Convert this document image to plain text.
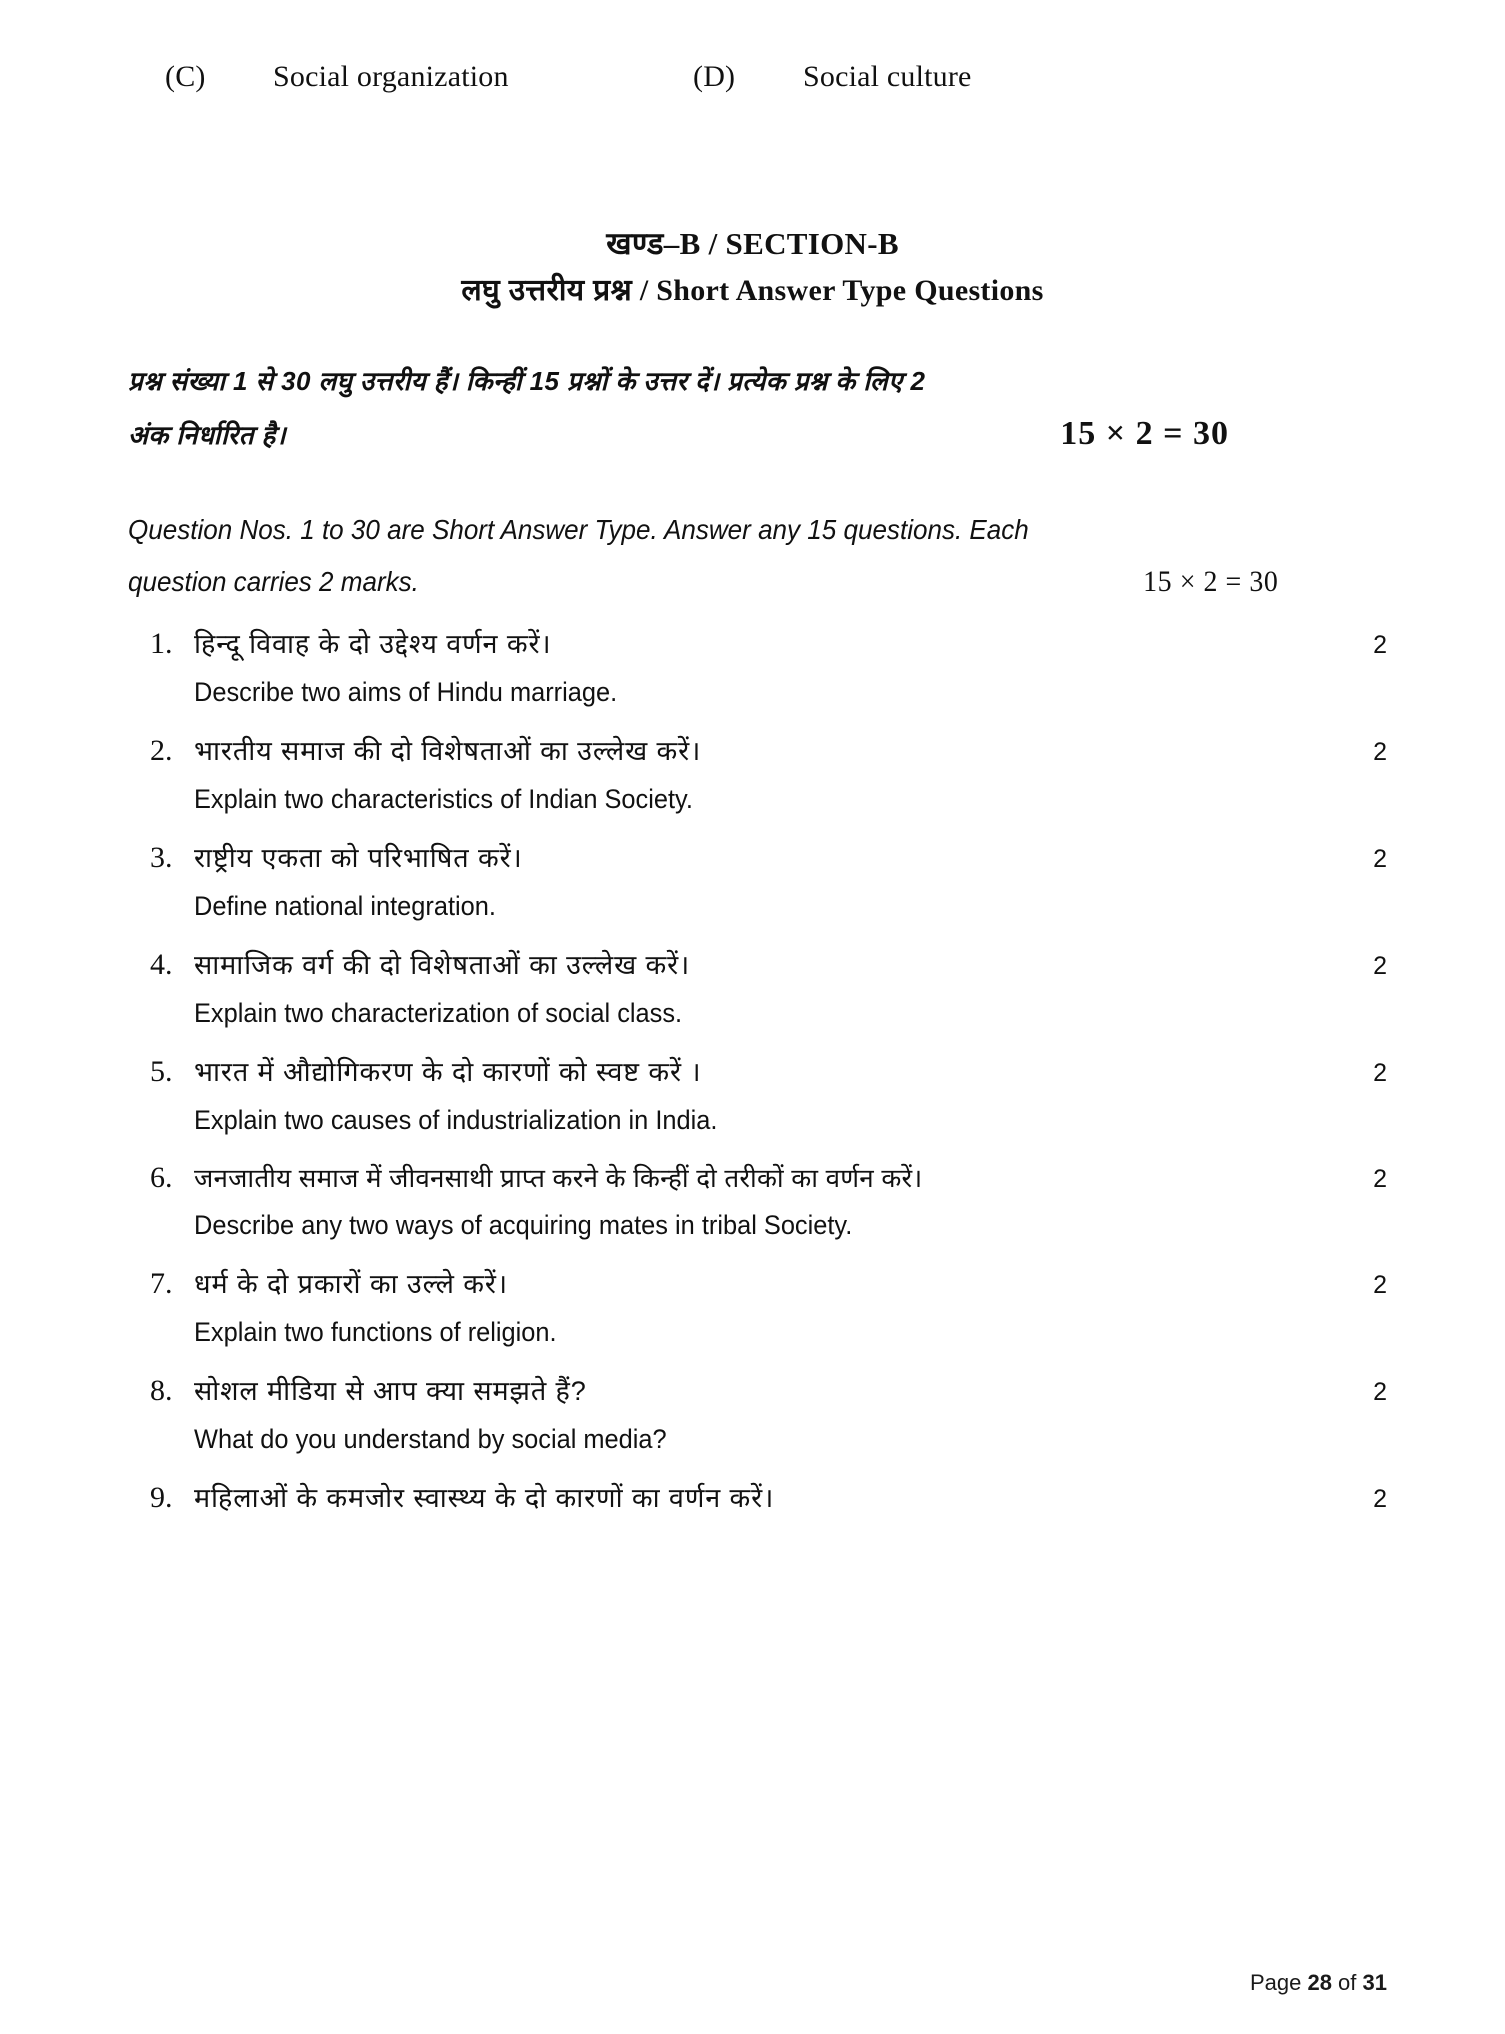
(C)	Social organization	(D)	Social culture
खण्ड–B / SECTION-B
लघु उत्तरीय प्रश्न / Short Answer Type Questions
प्रश्न संख्या 1 से 30 लघु उत्तरीय हैं। किन्हीं 15 प्रश्नों के उत्तर दें। प्रत्येक प्रश्न के लिए 2
अंक निर्धारित है।	15 × 2 = 30
Question Nos. 1 to 30 are Short Answer Type. Answer any 15 questions. Each
question carries 2 marks.	15 × 2 = 30
1. हिन्दू विवाह के दो उद्देश्य वर्णन करें।	2
Describe two aims of Hindu marriage.
2. भारतीय समाज की दो विशेषताओं का उल्लेख करें।	2
Explain two characteristics of Indian Society.
3. राष्ट्रीय एकता को परिभाषित करें।	2
Define national integration.
4. सामाजिक वर्ग की दो विशेषताओं का उल्लेख करें।	2
Explain two characterization of social class.
5. भारत में औद्योगिकरण के दो कारणों को स्वष्ट करें ।	2
Explain two causes of industrialization in India.
6. जनजातीय समाज में जीवनसाथी प्राप्त करने के किन्हीं दो तरीकों का वर्णन करें।	2
Describe any two ways of acquiring mates in tribal Society.
7. धर्म के दो प्रकारों का उल्ले करें।	2
Explain two functions of religion.
8. सोशल मीडिया से आप क्या समझते हैं?	2
What do you understand by social media?
9. महिलाओं के कमजोर स्वास्थ्य के दो कारणों का वर्णन करें।	2
Page 28 of 31
